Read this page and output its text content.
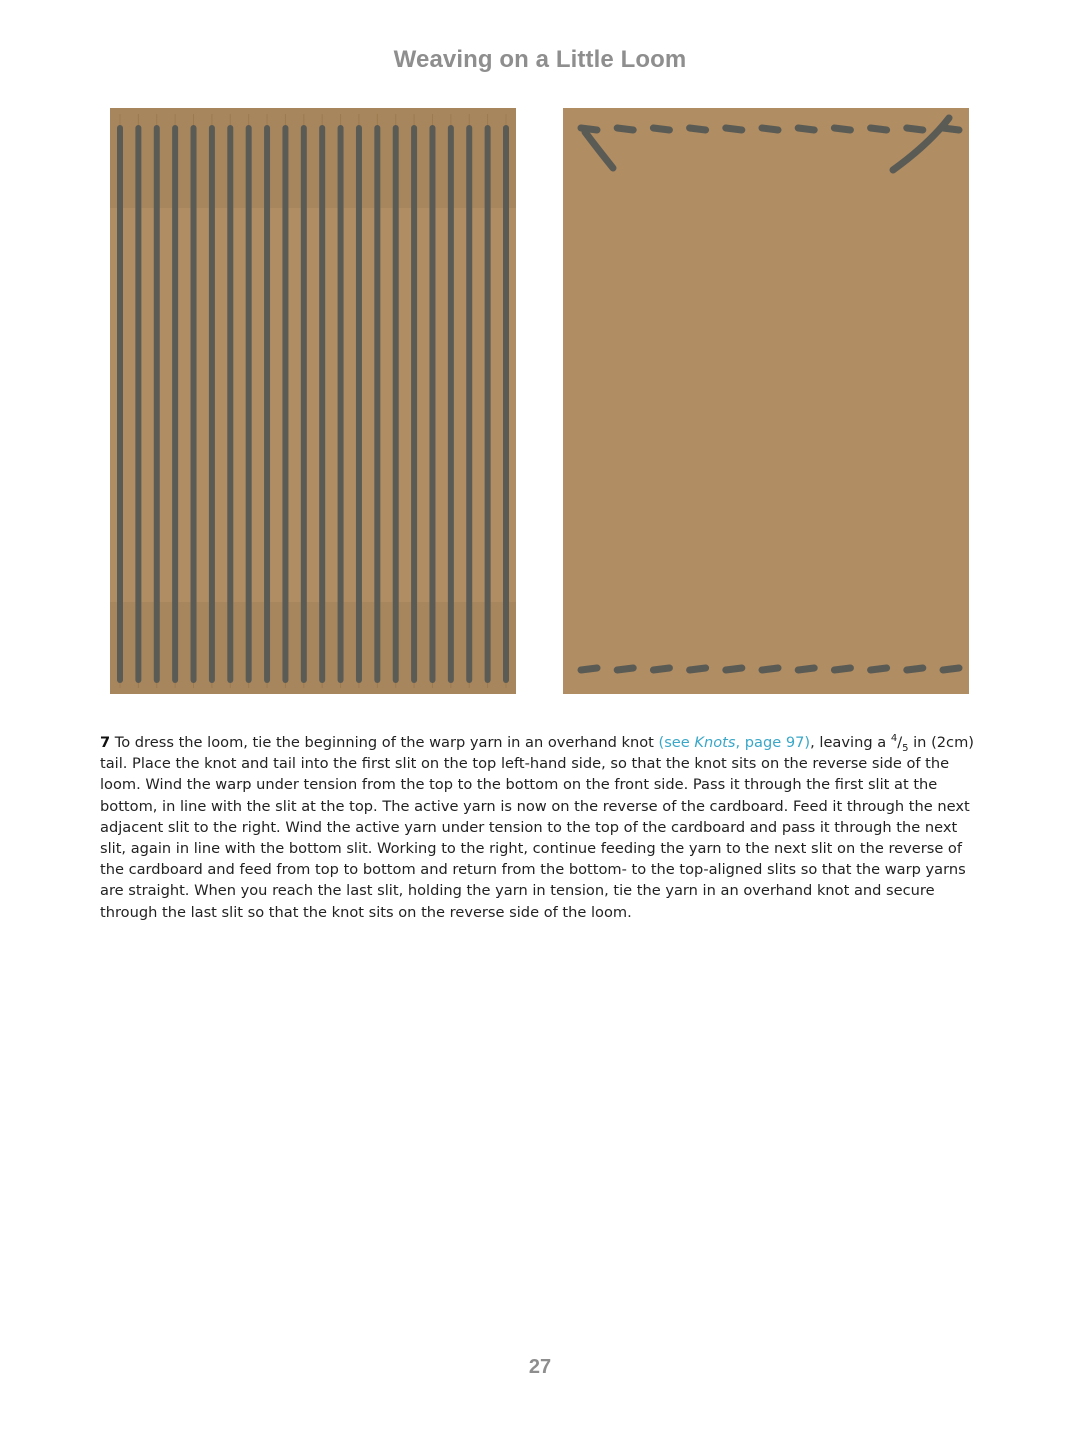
Weaving on a Little Loom
7 To dress the loom, tie the beginning of the warp yarn in an overhand knot (see Knots, page 97), leaving a $^4/_5$ in (2cm) tail. Place the knot and tail into the first slit on the top left-hand side, so that the knot sits on the reverse side of the loom. Wind the warp under tension from the top to the bottom on the front side. Pass it through the first slit at the bottom, in line with the slit at the top. The active yarn is now on the reverse of the cardboard. Feed it through the next adjacent slit to the right. Wind the active yarn under tension to the top of the cardboard and pass it through the next slit, again in line with the bottom slit. Working to the right, continue feeding the yarn to the next slit on the reverse of the cardboard and feed from top to bottom and return from the bottom- to the top-aligned slits so that the warp yarns are straight. When you reach the last slit, holding the yarn in tension, tie the yarn in an overhand knot and secure through the last slit so that the knot sits on the reverse side of the loom.
27
